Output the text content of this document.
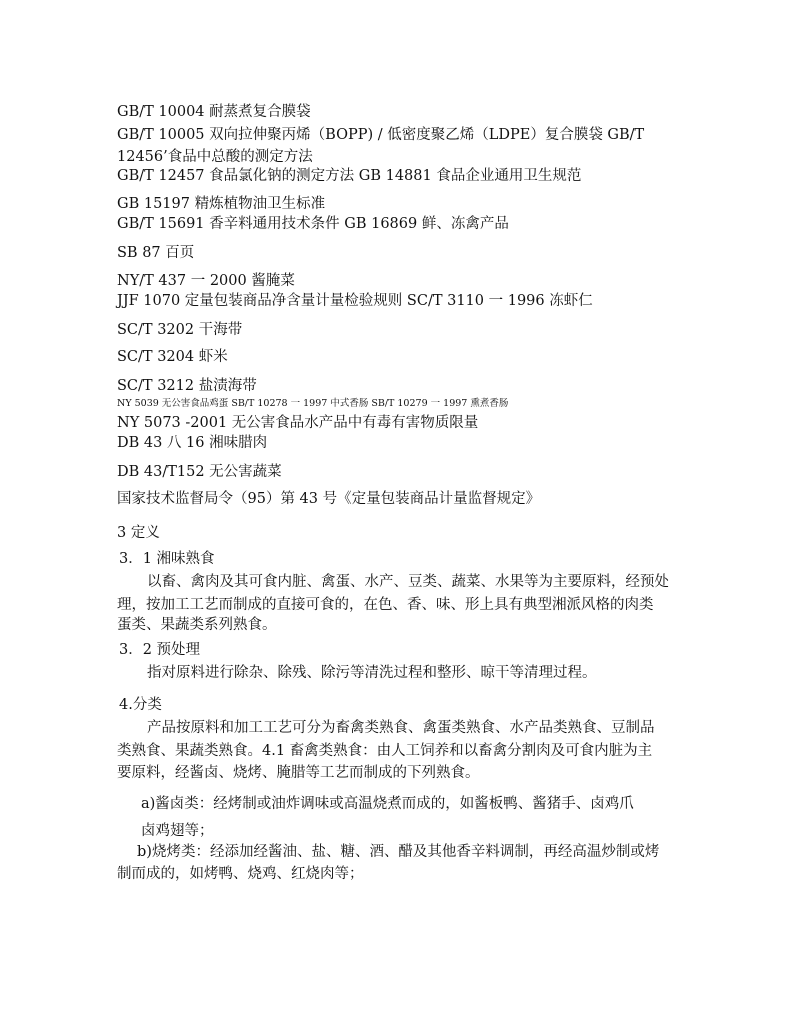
GB/T 10004 耐蒸煮复合膜袋
GB/T 10005 双向拉伸聚丙烯（BOPP) / 低密度聚乙烯（LDPE）复合膜袋 GB/T
12456’食品中总酸的测定方法
GB/T 12457 食品氯化钠的测定方法 GB 14881 食品企业通用卫生规范
GB 15197 精炼植物油卫生标准
GB/T 15691 香辛料通用技术条件 GB 16869 鲜、冻禽产品
SB 87 百页
NY/T 437 一 2000 酱腌菜
JJF 1070 定量包装商品净含量计量检验规则 SC/T 3110 一 1996 冻虾仁
SC/T 3202 干海带
SC/T 3204 虾米
SC/T 3212 盐渍海带
NY 5039 无公害食品鸡蛋 SB/T 10278 一 1997 中式香肠 SB/T 10279 一 1997 熏煮香肠
NY 5073 -2001 无公害食品水产品中有毒有害物质限量
DB 43 八 16 湘味腊肉
DB 43/T152 无公害蔬菜
国家技术监督局令（95）第 43 号《定量包装商品计量监督规定》
3 定义
3．1 湘味熟食
以畜、禽肉及其可食内脏、禽蛋、水产、豆类、蔬菜、水果等为主要原料，经预处
理，按加工工艺而制成的直接可食的，在色、香、味、形上具有典型湘派风格的肉类
蛋类、果蔬类系列熟食。
3．2 预处理
指对原料进行除杂、除残、除污等清洗过程和整形、晾干等清理过程。
4.分类
产品按原料和加工工艺可分为畜禽类熟食、禽蛋类熟食、水产品类熟食、豆制品
类熟食、果蔬类熟食。4.1 畜禽类熟食：由人工饲养和以畜禽分割肉及可食内脏为主
要原料，经酱卤、烧烤、腌腊等工艺而制成的下列熟食。
a)酱卤类：经烤制或油炸调味或高温烧煮而成的，如酱板鸭、酱猪手、卤鸡爪
卤鸡翅等；
b)烧烤类：经添加经酱油、盐、糖、酒、醋及其他香辛料调制，再经高温炒制或烤
制而成的，如烤鸭、烧鸡、红烧肉等；
